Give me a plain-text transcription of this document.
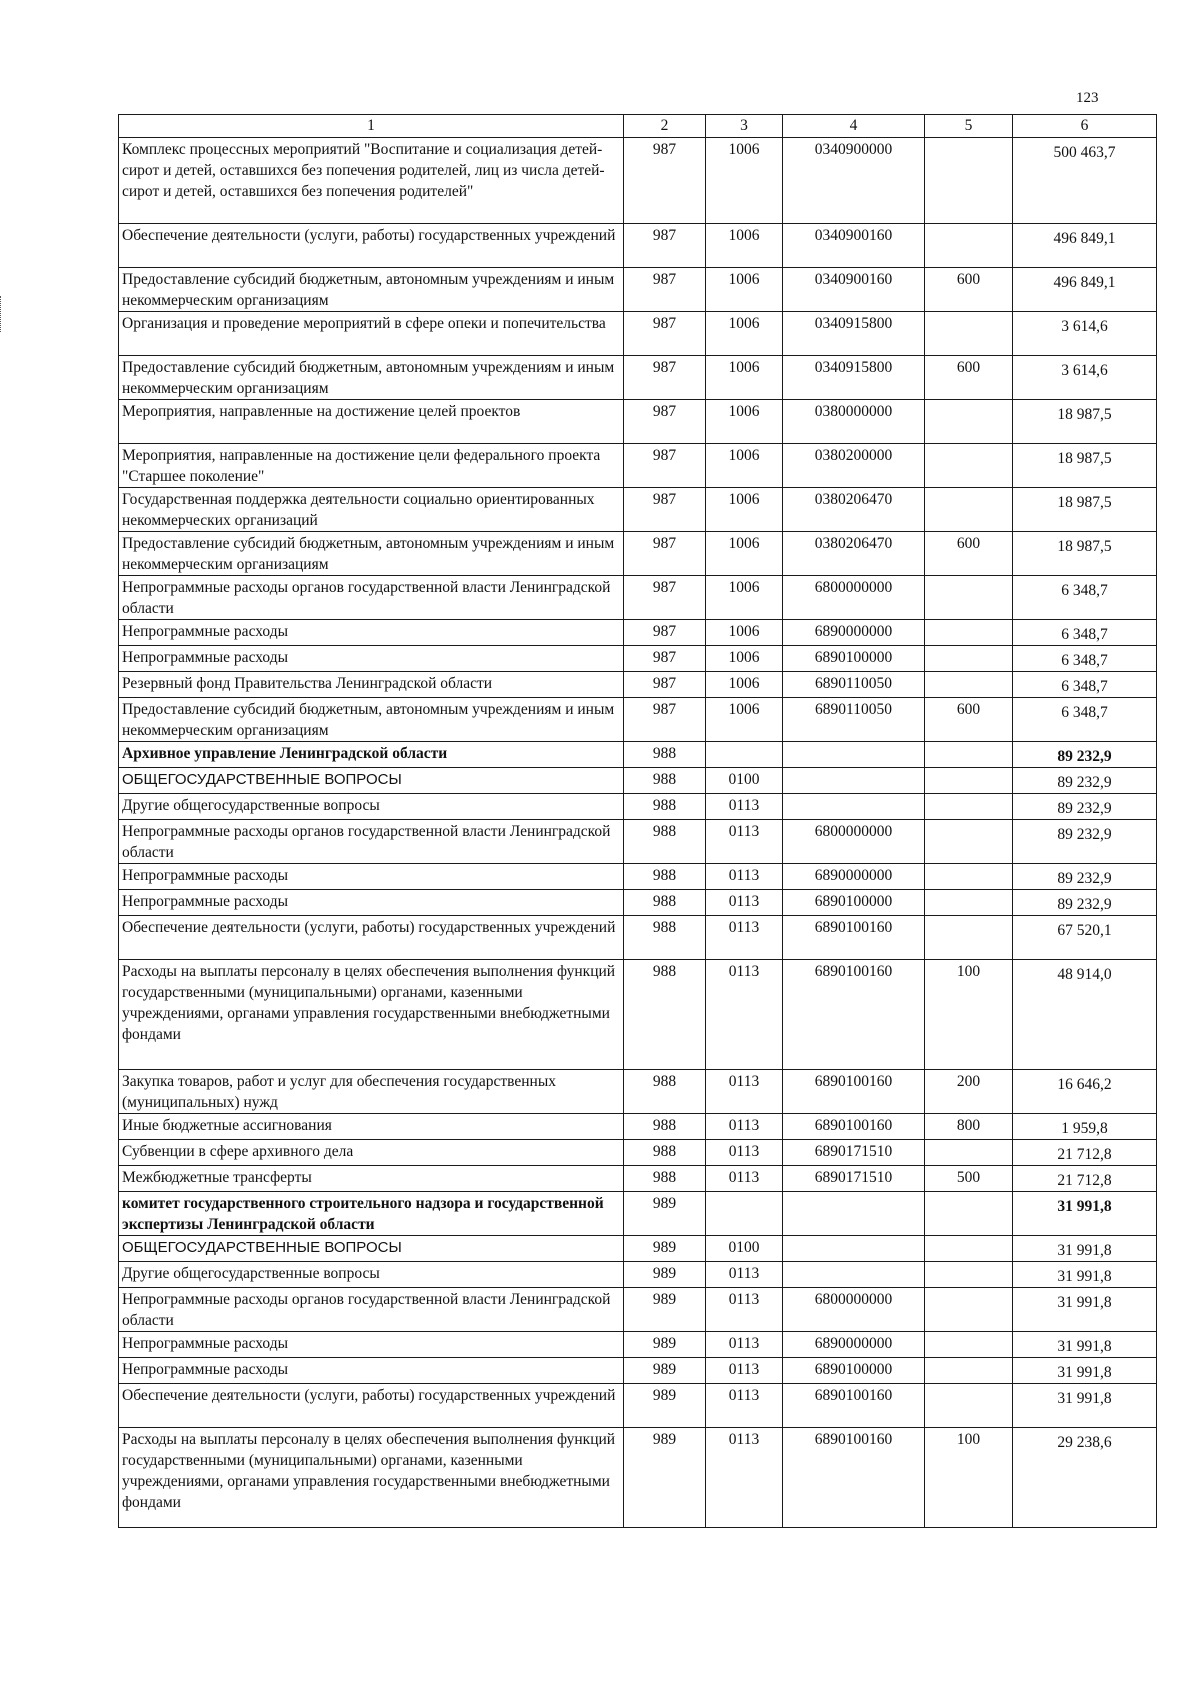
123
1	2	3	4	5	6
Комплекс процессных мероприятий "Воспитание и социализация детей-сирот и детей, оставшихся без попечения родителей, лиц из числа детей-сирот и детей, оставшихся без попечения родителей"	987	1006	0340900000		500 463,7
Обеспечение деятельности (услуги, работы) государственных учреждений	987	1006	0340900160		496 849,1
Предоставление субсидий бюджетным, автономным учреждениям и иным некоммерческим организациям	987	1006	0340900160	600	496 849,1
Организация и проведение мероприятий в сфере опеки и попечительства	987	1006	0340915800		3 614,6
Предоставление субсидий бюджетным, автономным учреждениям и иным некоммерческим организациям	987	1006	0340915800	600	3 614,6
Мероприятия, направленные на достижение целей проектов	987	1006	0380000000		18 987,5
Мероприятия, направленные на достижение цели федерального проекта "Старшее поколение"	987	1006	0380200000		18 987,5
Государственная поддержка деятельности социально ориентированных некоммерческих организаций	987	1006	0380206470		18 987,5
Предоставление субсидий бюджетным, автономным учреждениям и иным некоммерческим организациям	987	1006	0380206470	600	18 987,5
Непрограммные расходы органов государственной власти Ленинградской области	987	1006	6800000000		6 348,7
Непрограммные расходы	987	1006	6890000000		6 348,7
Непрограммные расходы	987	1006	6890100000		6 348,7
Резервный фонд Правительства Ленинградской области	987	1006	6890110050		6 348,7
Предоставление субсидий бюджетным, автономным учреждениям и иным некоммерческим организациям	987	1006	6890110050	600	6 348,7
Архивное управление Ленинградской области	988				89 232,9
ОБЩЕГОСУДАРСТВЕННЫЕ ВОПРОСЫ	988	0100			89 232,9
Другие общегосударственные вопросы	988	0113			89 232,9
Непрограммные расходы органов государственной власти Ленинградской области	988	0113	6800000000		89 232,9
Непрограммные расходы	988	0113	6890000000		89 232,9
Непрограммные расходы	988	0113	6890100000		89 232,9
Обеспечение деятельности (услуги, работы) государственных учреждений	988	0113	6890100160		67 520,1
Расходы на выплаты персоналу в целях обеспечения выполнения функций государственными (муниципальными) органами, казенными учреждениями, органами управления государственными внебюджетными фондами	988	0113	6890100160	100	48 914,0
Закупка товаров, работ и услуг для обеспечения государственных (муниципальных) нужд	988	0113	6890100160	200	16 646,2
Иные бюджетные ассигнования	988	0113	6890100160	800	1 959,8
Субвенции в сфере архивного дела	988	0113	6890171510		21 712,8
Межбюджетные трансферты	988	0113	6890171510	500	21 712,8
комитет государственного строительного надзора и государственной экспертизы Ленинградской области	989				31 991,8
ОБЩЕГОСУДАРСТВЕННЫЕ ВОПРОСЫ	989	0100			31 991,8
Другие общегосударственные вопросы	989	0113			31 991,8
Непрограммные расходы органов государственной власти Ленинградской области	989	0113	6800000000		31 991,8
Непрограммные расходы	989	0113	6890000000		31 991,8
Непрограммные расходы	989	0113	6890100000		31 991,8
Обеспечение деятельности (услуги, работы) государственных учреждений	989	0113	6890100160		31 991,8
Расходы на выплаты персоналу в целях обеспечения выполнения функций государственными (муниципальными) органами, казенными учреждениями, органами управления государственными внебюджетными фондами	989	0113	6890100160	100	29 238,6
